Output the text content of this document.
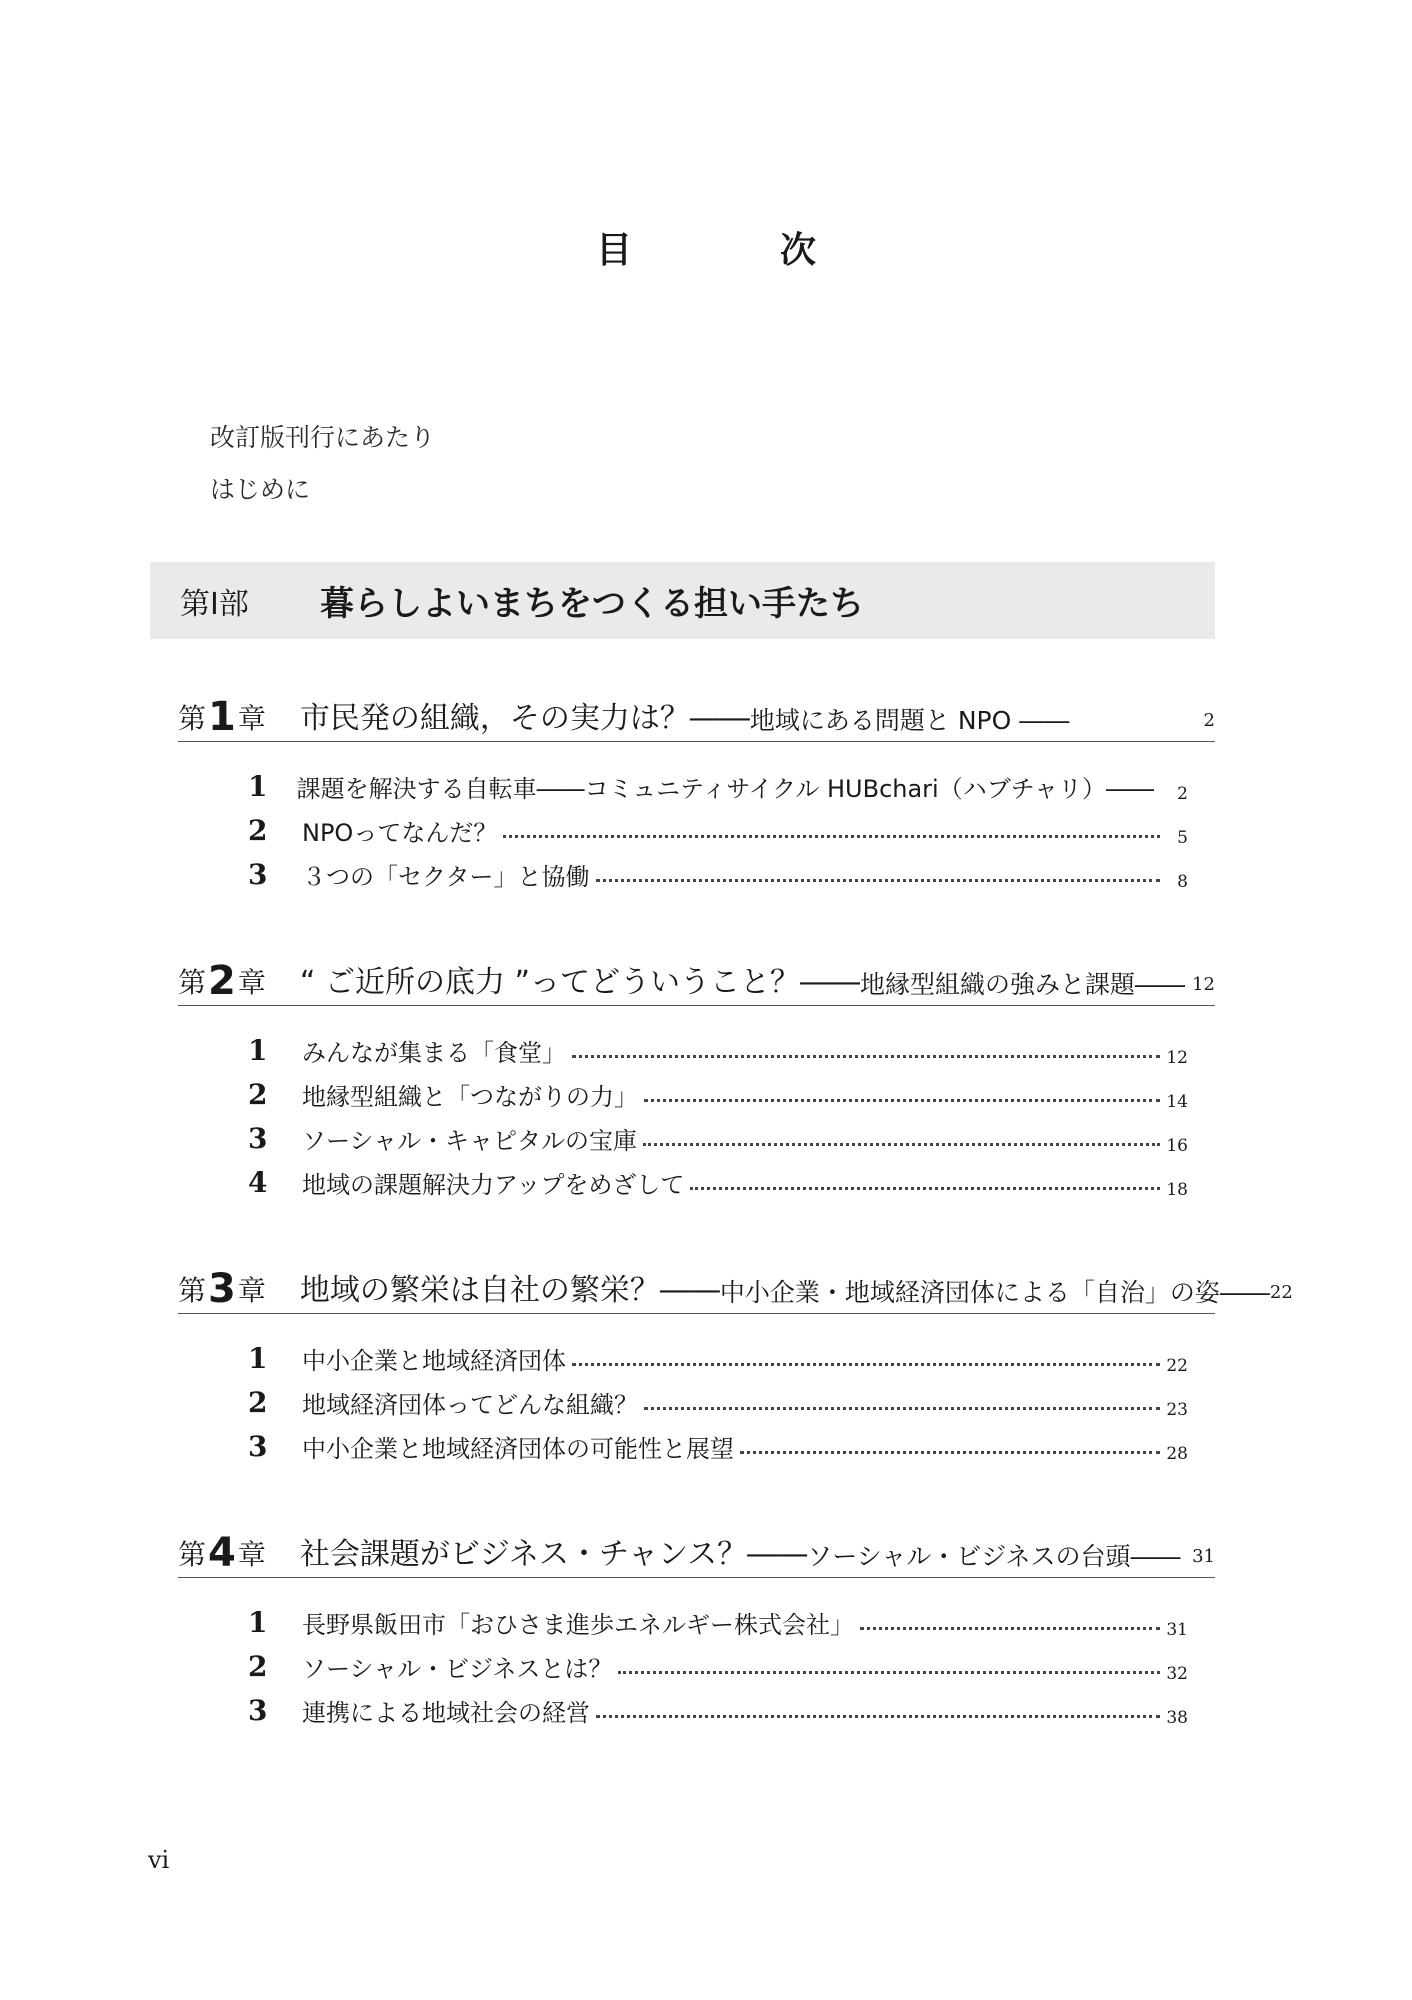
目　次
改訂版刊行にあたり
はじめに
第Ⅰ部	暮らしよいまちをつくる担い手たち
第 1 章 市民発の組織，その実力は？―― 地域にある問題と NPO ――	2
1	課題を解決する自転車――コミュニティサイクル HUBchari（ハブチャリ）――	2
2	NPOってなんだ？	5
3	３つの「セクター」と協働	8
第 2 章 “ ご近所の底力 ”ってどういうこと？―― 地縁型組織の強みと課題―― 12
1	みんなが集まる「食堂」	12
2	地縁型組織と「つながりの力」	14
3	ソーシャル・キャピタルの宝庫	16
4	地域の課題解決力アップをめざして	18
第 3 章 地域の繁栄は自社の繁栄？―― 中小企業・地域経済団体による「自治」の姿―― 22
1	中小企業と地域経済団体	22
2	地域経済団体ってどんな組織？	23
3	中小企業と地域経済団体の可能性と展望	28
第 4 章 社会課題がビジネス・チャンス？―― ソーシャル・ビジネスの台頭―― 31
1	長野県飯田市「おひさま進歩エネルギー株式会社」	31
2	ソーシャル・ビジネスとは？	32
3	連携による地域社会の経営	38
vi
